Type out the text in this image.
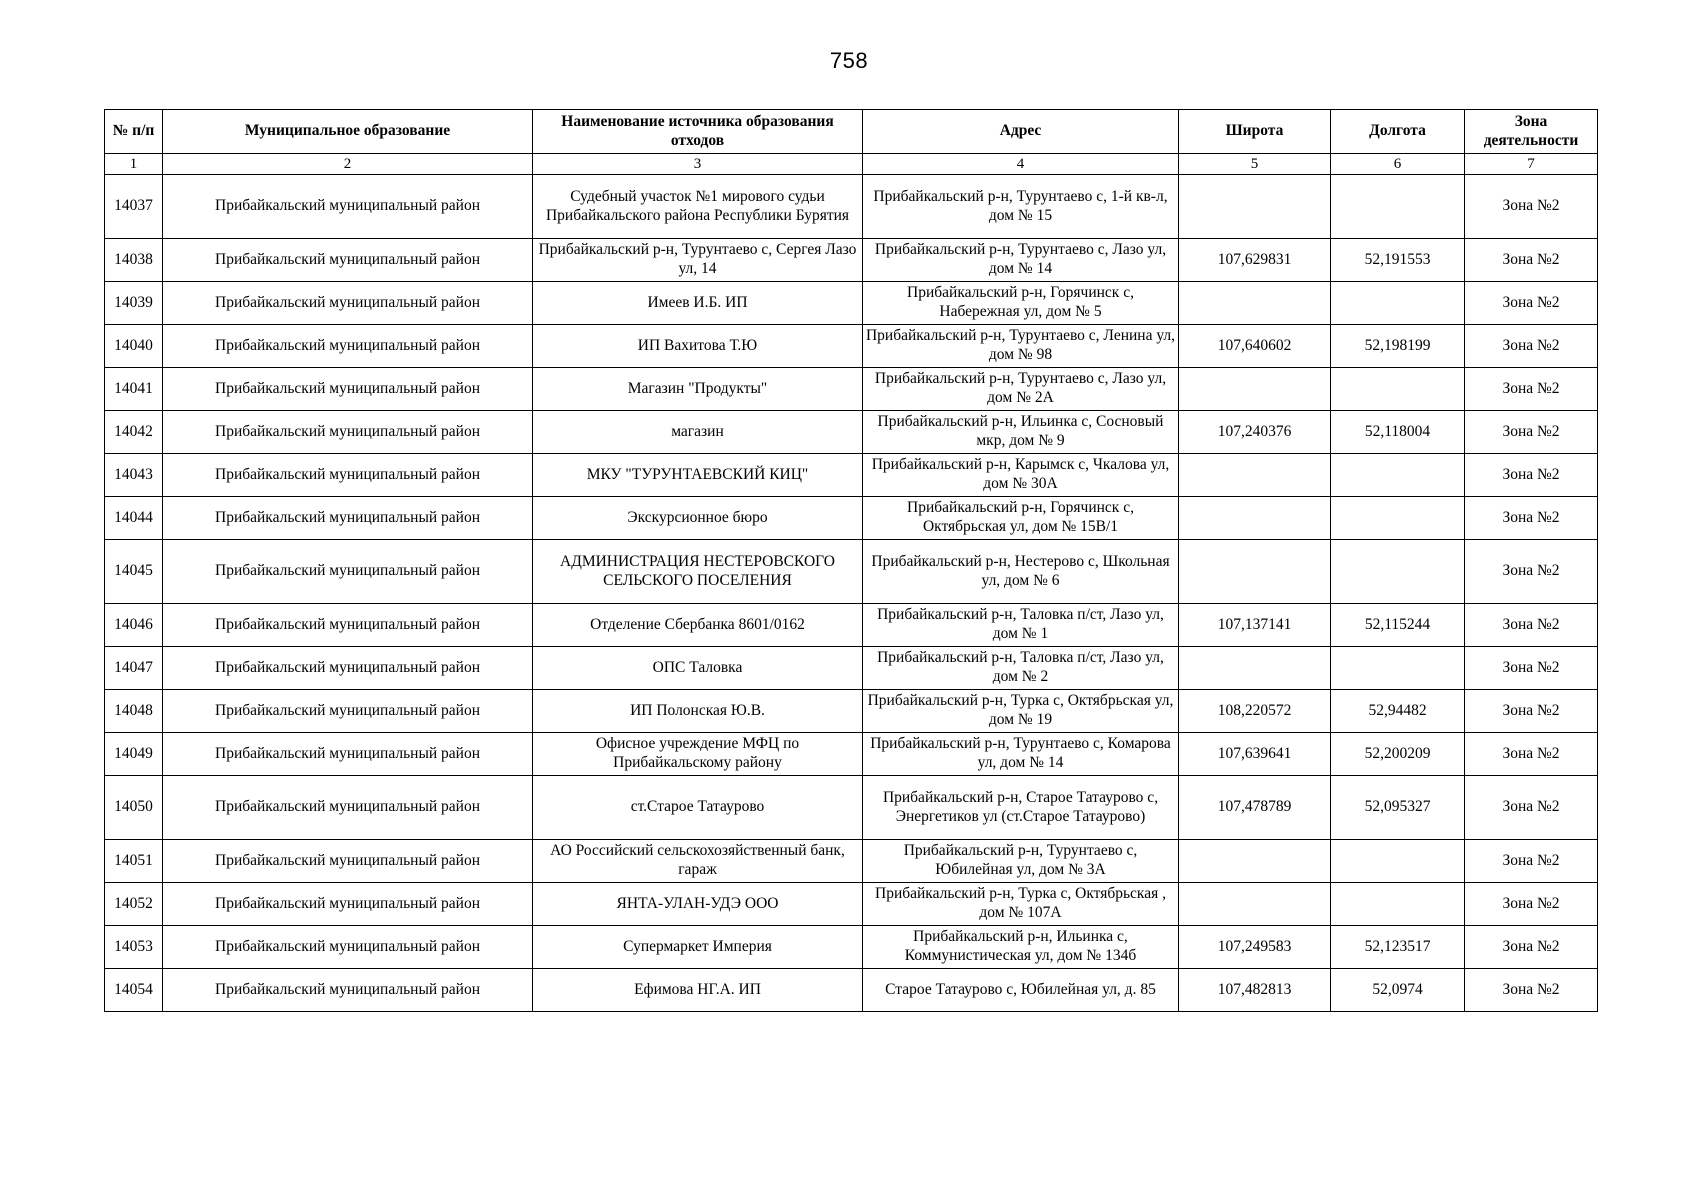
758
№ п/п	Муниципальное образование	Наименование источника образования отходов	Адрес	Широта	Долгота	Зона деятельности
1	2	3	4	5	6	7
14037	Прибайкальский муниципальный район	Судебный участок №1 мирового судьи Прибайкальского района Республики Бурятия	Прибайкальский р-н, Турунтаево с, 1-й кв-л, дом № 15			Зона №2
14038	Прибайкальский муниципальный район	Прибайкальский р-н, Турунтаево с, Сергея Лазо ул, 14	Прибайкальский р-н, Турунтаево с, Лазо ул, дом № 14	107,629831	52,191553	Зона №2
14039	Прибайкальский муниципальный район	Имеев И.Б. ИП	Прибайкальский р-н, Горячинск с, Набережная ул, дом № 5			Зона №2
14040	Прибайкальский муниципальный район	ИП Вахитова Т.Ю	Прибайкальский р-н, Турунтаево с, Ленина ул, дом № 98	107,640602	52,198199	Зона №2
14041	Прибайкальский муниципальный район	Магазин "Продукты"	Прибайкальский р-н, Турунтаево с, Лазо ул, дом № 2А			Зона №2
14042	Прибайкальский муниципальный район	магазин	Прибайкальский р-н, Ильинка с, Сосновый мкр, дом № 9	107,240376	52,118004	Зона №2
14043	Прибайкальский муниципальный район	МКУ "ТУРУНТАЕВСКИЙ КИЦ"	Прибайкальский р-н, Карымск с, Чкалова ул, дом № 30А			Зона №2
14044	Прибайкальский муниципальный район	Экскурсионное бюро	Прибайкальский р-н, Горячинск с, Октябрьская ул, дом № 15В/1			Зона №2
14045	Прибайкальский муниципальный район	АДМИНИСТРАЦИЯ НЕСТЕРОВСКОГО СЕЛЬСКОГО ПОСЕЛЕНИЯ	Прибайкальский р-н, Нестерово с, Школьная ул, дом № 6			Зона №2
14046	Прибайкальский муниципальный район	Отделение Сбербанка 8601/0162	Прибайкальский р-н, Таловка п/ст, Лазо ул, дом № 1	107,137141	52,115244	Зона №2
14047	Прибайкальский муниципальный район	ОПС Таловка	Прибайкальский р-н, Таловка п/ст, Лазо ул, дом № 2			Зона №2
14048	Прибайкальский муниципальный район	ИП Полонская Ю.В.	Прибайкальский р-н, Турка с, Октябрьская ул, дом № 19	108,220572	52,94482	Зона №2
14049	Прибайкальский муниципальный район	Офисное учреждение МФЦ по Прибайкальскому району	Прибайкальский р-н, Турунтаево с, Комарова ул, дом № 14	107,639641	52,200209	Зона №2
14050	Прибайкальский муниципальный район	ст.Старое Татаурово	Прибайкальский р-н, Старое Татаурово с, Энергетиков ул (ст.Старое Татаурово)	107,478789	52,095327	Зона №2
14051	Прибайкальский муниципальный район	АО Российский сельскохозяйственный банк, гараж	Прибайкальский р-н, Турунтаево с, Юбилейная ул, дом № 3А			Зона №2
14052	Прибайкальский муниципальный район	ЯНТА-УЛАН-УДЭ ООО	Прибайкальский р-н, Турка с, Октябрьская , дом № 107А			Зона №2
14053	Прибайкальский муниципальный район	Супермаркет Империя	Прибайкальский р-н, Ильинка с, Коммунистическая ул, дом № 134б	107,249583	52,123517	Зона №2
14054	Прибайкальский муниципальный район	Ефимова НГ.А. ИП	Старое Татаурово с, Юбилейная ул, д. 85	107,482813	52,0974	Зона №2
